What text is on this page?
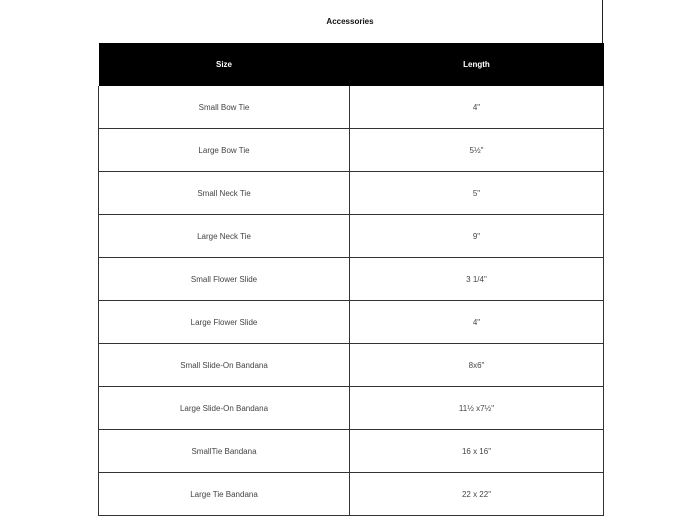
Accessories
Size	Length
Small Bow Tie	4"
Large Bow Tie	5½"
Small Neck Tie	5"
Large Neck Tie	9"
Small Flower Slide	3 1/4"
Large Flower Slide	4"
Small Slide-On Bandana	8x6"
Large Slide-On Bandana	11½ x7½"
SmallTie Bandana	16 x 16"
Large Tie Bandana	22 x 22"
